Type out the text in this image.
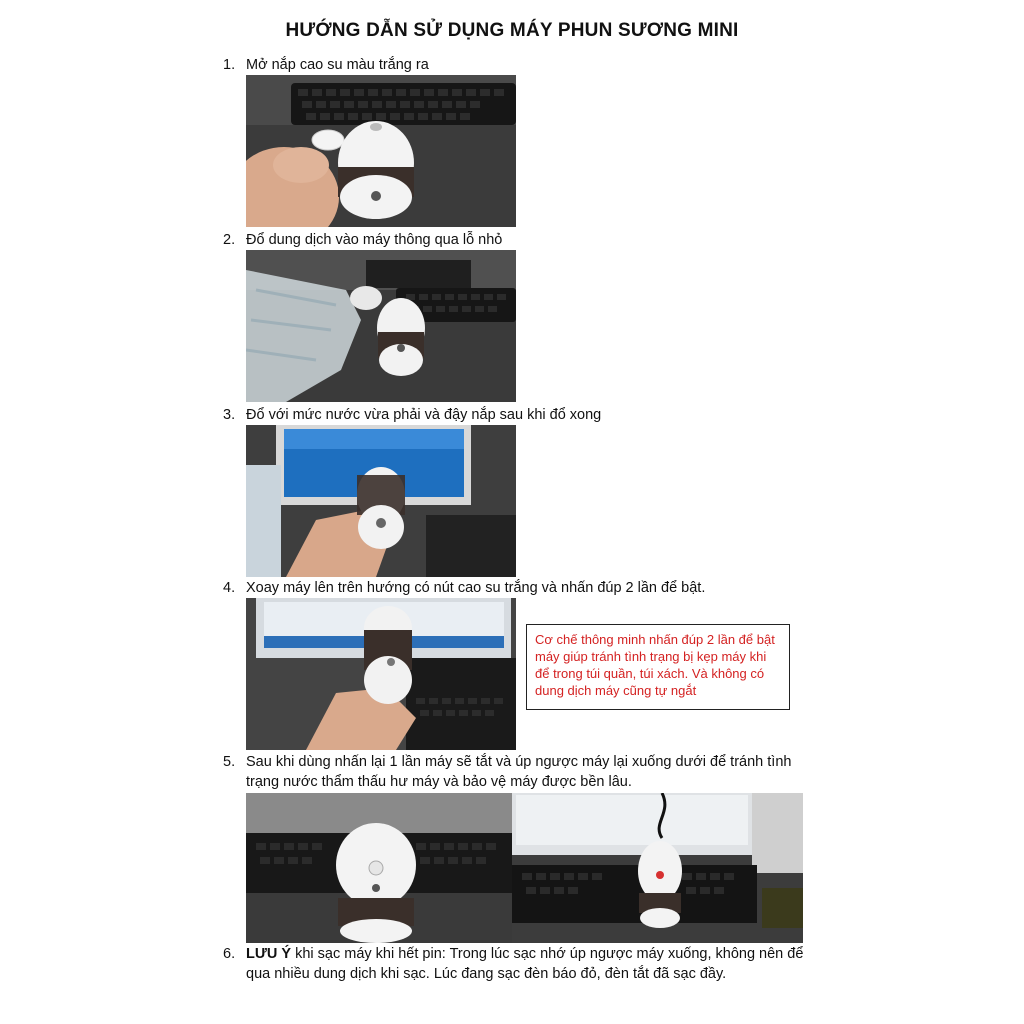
HƯỚNG DẪN SỬ DỤNG MÁY PHUN SƯƠNG MINI
1. Mở nắp cao su màu trắng ra
2. Đổ dung dịch vào máy thông qua lỗ nhỏ
3. Đổ với mức nước vừa phải và đậy nắp sau khi đổ xong
4. Xoay máy lên trên hướng có nút cao su trắng và nhấn đúp 2 lần để bật.
Cơ chế thông minh nhấn đúp 2 lần để bật máy giúp tránh tình trạng bị kẹp máy khi để trong túi quần, túi xách. Và không có dung dịch máy cũng tự ngắt
5. Sau khi dùng nhấn lại 1 lần máy sẽ tắt và úp ngược máy lại xuống dưới để tránh tình
trạng nước thẩm thấu hư máy và bảo vệ máy được bền lâu.
6. LƯU Ý khi sạc máy khi hết pin: Trong lúc sạc nhớ úp ngược máy xuống, không nên để
qua nhiều dung dịch khi sạc. Lúc đang sạc đèn báo đỏ, đèn tắt đã sạc đầy.
